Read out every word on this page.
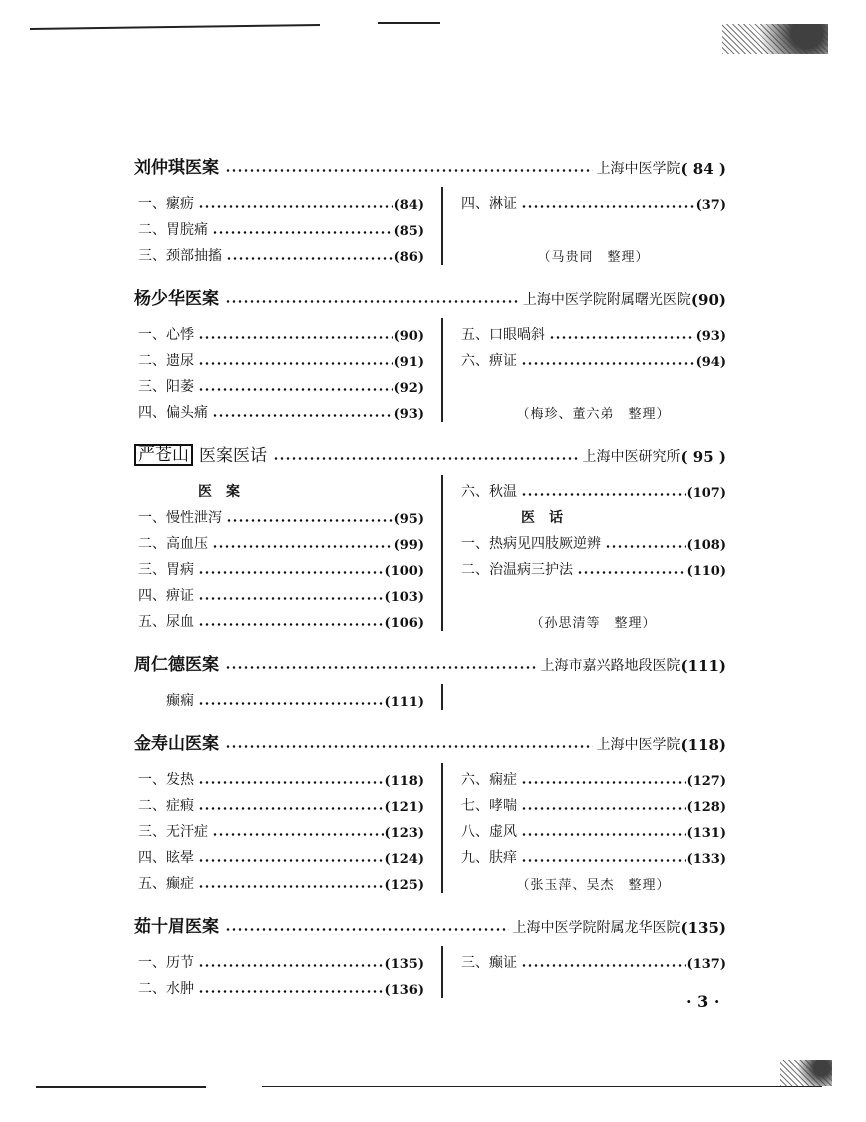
刘仲琪医案	上海中医学院 ( 84 )
一、 瘰疬	(84)
二、 胃脘痛	(85)
三、 颈部抽搐	(86)
四、 淋证	(37)
（马贵同　整理）
杨少华医案	上海中医学院附属曙光医院 (90)
一、 心悸	(90)
二、 遗尿	(91)
三、 阳萎	(92)
四、 偏头痛	(93)
五、 口眼喎斜	(93)
六、 痹证	(94)
（梅珍、董六弟　整理）
严苍山 医案医话	上海中医研究所 ( 95 )
医案
一、 慢性泄泻	(95)
二、 高血压	(99)
三、 胃病	(100)
四、 痹证	(103)
五、 尿血	(106)
六、 秋温	(107)
医话
一、 热病见四肢厥逆辨	(108)
二、 治温病三护法	(110)
（孙思清等　整理）
周仁德医案	上海市嘉兴路地段医院 (111)
癫痫	(111)
金寿山医案	上海中医学院 (118)
一、 发热	(118)
二、 症瘕	(121)
三、 无汗症	(123)
四、 眩晕	(124)
五、 癫症	(125)
六、 痫症	(127)
七、 哮喘	(128)
八、 虚风	(131)
九、 肤痒	(133)
（张玉萍、吴杰　整理）
茹十眉医案	上海中医学院附属龙华医院 (135)
一、 历节	(135)
二、 水肿	(136)
三、 癫证	(137)
· 3 ·
